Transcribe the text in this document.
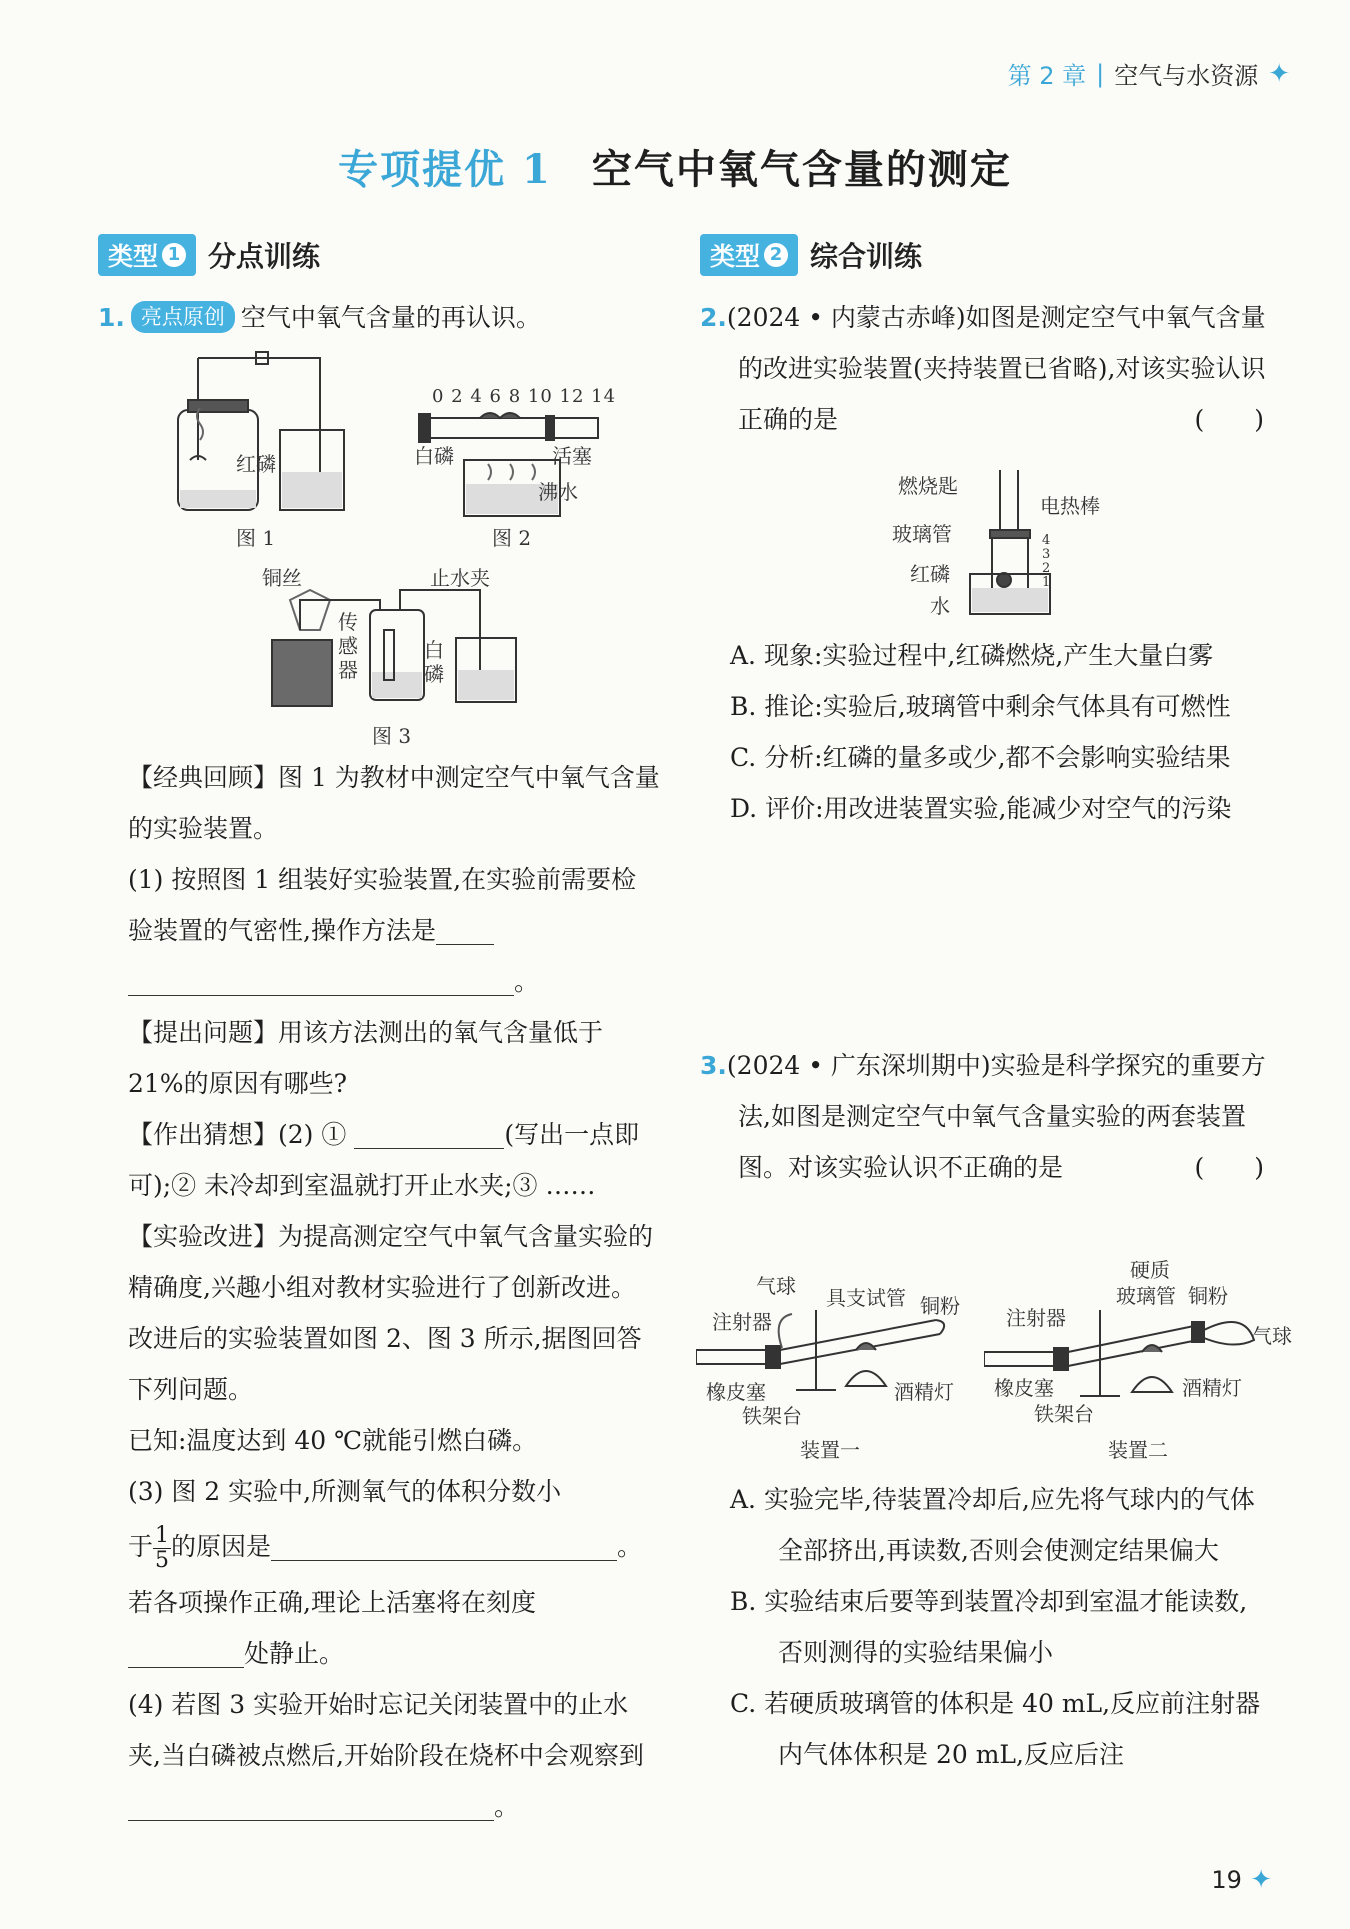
第 2 章 | 空气与水资源 ✦
专项提优 1 空气中氧气含量的测定
类型 1 分点训练	类型 2 综合训练
1. 亮点原创 空气中氧气含量的再认识。
红磷
图 1
0 2 4 6 8 10 12 14
白磷	活塞
沸水
图 2
铜丝	止水夹
传感器
白磷
图 3

【经典回顾】图 1 为教材中测定空气中氧气含量的实验装置。

(1) 按照图 1 组装好实验装置,在实验前需要检验装置的气密性,操作方法是
。

【提出问题】用该方法测出的氧气含量低于 21%的原因有哪些?

【作出猜想】(2) ①	(写出一点即可);② 未冷却到室温就打开止水夹;③ ……

【实验改进】为提高测定空气中氧气含量实验的精确度,兴趣小组对教材实验进行了创新改进。改进后的实验装置如图 2、图 3 所示,据图回答下列问题。

已知:温度达到 40 ℃就能引燃白磷。

(3) 图 2 实验中,所测氧气的体积分数小

于 $\frac{1}{5}$ 的原因是	。

若各项操作正确,理论上活塞将在刻度

处静止。

(4) 若图 3 实验开始时忘记关闭装置中的止水夹,当白磷被点燃后,开始阶段在烧杯中会观察到。

2.(2024 • 内蒙古赤峰)如图是测定空气中氧气含量的改进实验装置(夹持装置已省略),对该实验认识正确的是	(　　)

燃烧匙
电热棒
玻璃管
红磷
水
4
3
2
1

A. 现象:实验过程中,红磷燃烧,产生大量白雾

B. 推论:实验后,玻璃管中剩余气体具有可燃性

C. 分析:红磷的量多或少,都不会影响实验结果

D. 评价:用改进装置实验,能减少对空气的污染

3.(2024 • 广东深圳期中)实验是科学探究的重要方法,如图是测定空气中氧气含量实验的两套装置图。对该实验认识不正确的是	(　　)

气球 具支试管 铜粉
注射器
橡皮塞	酒精灯
铁架台
装置一
硬质
玻璃管 铜粉
注射器
气球
橡皮塞	酒精灯
铁架台
装置二

A. 实验完毕,待装置冷却后,应先将气球内的气体全部挤出,再读数,否则会使测定结果偏大

B. 实验结束后要等到装置冷却到室温才能读数,否则测得的实验结果偏小

C. 若硬质玻璃管的体积是 40 mL,反应前注射器内气体体积是 20 mL,反应后注

19 ✦
